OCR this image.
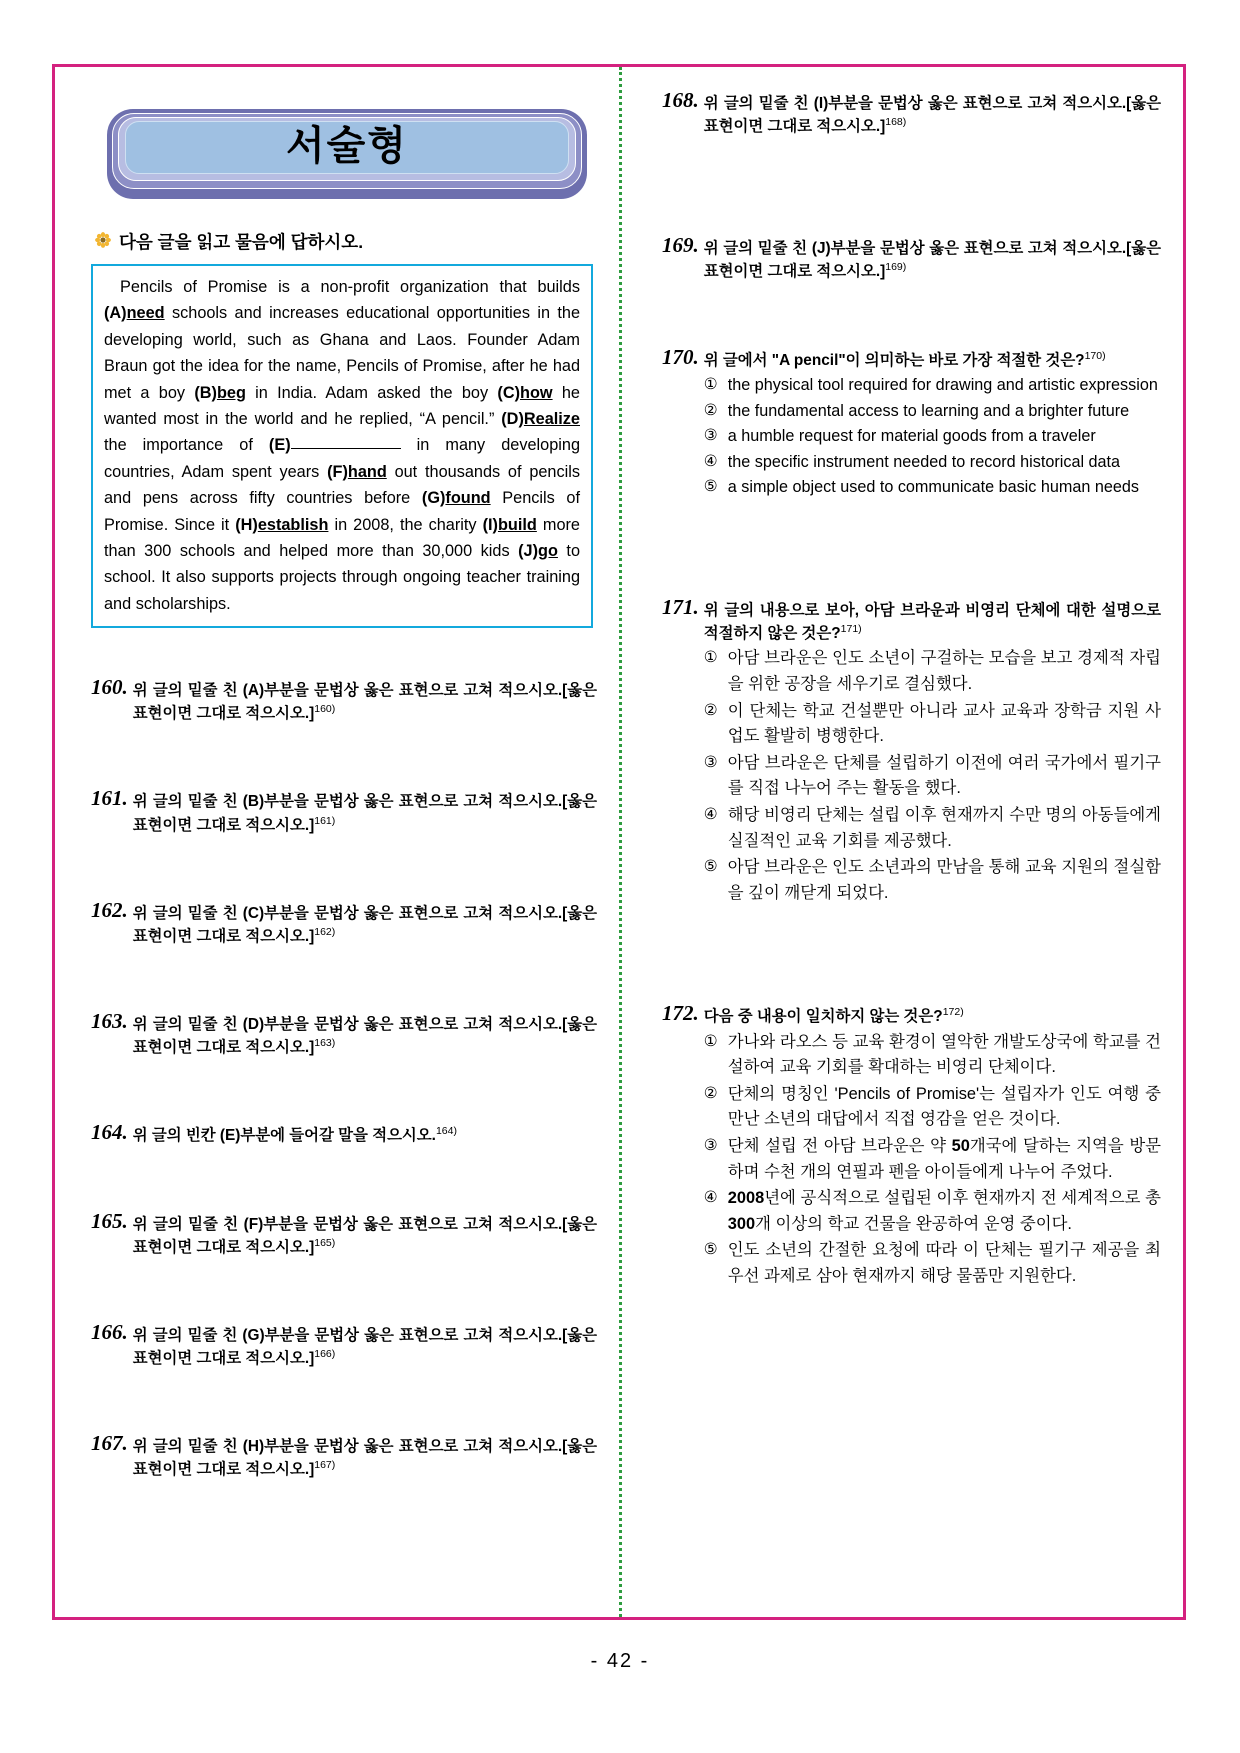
서술형
다음 글을 읽고 물음에 답하시오.
Pencils of Promise is a non-profit organization that builds (A)need schools and increases educational opportunities in the developing world, such as Ghana and Laos. Founder Adam Braun got the idea for the name, Pencils of Promise, after he had met a boy (B)beg in India. Adam asked the boy (C)how he wanted most in the world and he replied, “A pencil.” (D)Realize the importance of (E)	in many developing countries, Adam spent years (F)hand out thousands of pencils and pens across fifty countries before (G)found Pencils of Promise. Since it (H)establish in 2008, the charity (I)build more than 300 schools and helped more than 30,000 kids (J)go to school. It also supports projects through ongoing teacher training and scholarships.
160. 위 글의 밑줄 친 (A)부분을 문법상 옳은 표현으로 고쳐 적으시오.[옳은 표현이면 그대로 적으시오.]$^{160)}$
161. 위 글의 밑줄 친 (B)부분을 문법상 옳은 표현으로 고쳐 적으시오.[옳은 표현이면 그대로 적으시오.]$^{161)}$
162. 위 글의 밑줄 친 (C)부분을 문법상 옳은 표현으로 고쳐 적으시오.[옳은 표현이면 그대로 적으시오.]$^{162)}$
163. 위 글의 밑줄 친 (D)부분을 문법상 옳은 표현으로 고쳐 적으시오.[옳은 표현이면 그대로 적으시오.]$^{163)}$
164. 위 글의 빈칸 (E)부분에 들어갈 말을 적으시오.$^{164)}$
165. 위 글의 밑줄 친 (F)부분을 문법상 옳은 표현으로 고쳐 적으시오.[옳은 표현이면 그대로 적으시오.]$^{165)}$
166. 위 글의 밑줄 친 (G)부분을 문법상 옳은 표현으로 고쳐 적으시오.[옳은 표현이면 그대로 적으시오.]$^{166)}$
167. 위 글의 밑줄 친 (H)부분을 문법상 옳은 표현으로 고쳐 적으시오.[옳은 표현이면 그대로 적으시오.]$^{167)}$
168. 위 글의 밑줄 친 (I)부분을 문법상 옳은 표현으로 고쳐 적으시오.[옳은 표현이면 그대로 적으시오.]$^{168)}$
169. 위 글의 밑줄 친 (J)부분을 문법상 옳은 표현으로 고쳐 적으시오.[옳은 표현이면 그대로 적으시오.]$^{169)}$
170. 위 글에서 "A pencil"이 의미하는 바로 가장 적절한 것은?$^{170)}$
① the physical tool required for drawing and artistic expression
② the fundamental access to learning and a brighter future
③ a humble request for material goods from a traveler
④ the specific instrument needed to record historical data
⑤ a simple object used to communicate basic human needs
171. 위 글의 내용으로 보아, 아담 브라운과 비영리 단체에 대한 설명으로 적절하지 않은 것은?$^{171)}$
① 아담 브라운은 인도 소년이 구걸하는 모습을 보고 경제적 자립을 위한 공장을 세우기로 결심했다.
② 이 단체는 학교 건설뿐만 아니라 교사 교육과 장학금 지원 사업도 활발히 병행한다.
③ 아담 브라운은 단체를 설립하기 이전에 여러 국가에서 필기구를 직접 나누어 주는 활동을 했다.
④ 해당 비영리 단체는 설립 이후 현재까지 수만 명의 아동들에게 실질적인 교육 기회를 제공했다.
⑤ 아담 브라운은 인도 소년과의 만남을 통해 교육 지원의 절실함을 깊이 깨닫게 되었다.
172. 다음 중 내용이 일치하지 않는 것은?$^{172)}$
① 가나와 라오스 등 교육 환경이 열악한 개발도상국에 학교를 건설하여 교육 기회를 확대하는 비영리 단체이다.
② 단체의 명칭인 'Pencils of Promise'는 설립자가 인도 여행 중 만난 소년의 대답에서 직접 영감을 얻은 것이다.
③ 단체 설립 전 아담 브라운은 약 50개국에 달하는 지역을 방문하며 수천 개의 연필과 펜을 아이들에게 나누어 주었다.
④ 2008년에 공식적으로 설립된 이후 현재까지 전 세계적으로 총 300개 이상의 학교 건물을 완공하여 운영 중이다.
⑤ 인도 소년의 간절한 요청에 따라 이 단체는 필기구 제공을 최우선 과제로 삼아 현재까지 해당 물품만 지원한다.
- 42 -
